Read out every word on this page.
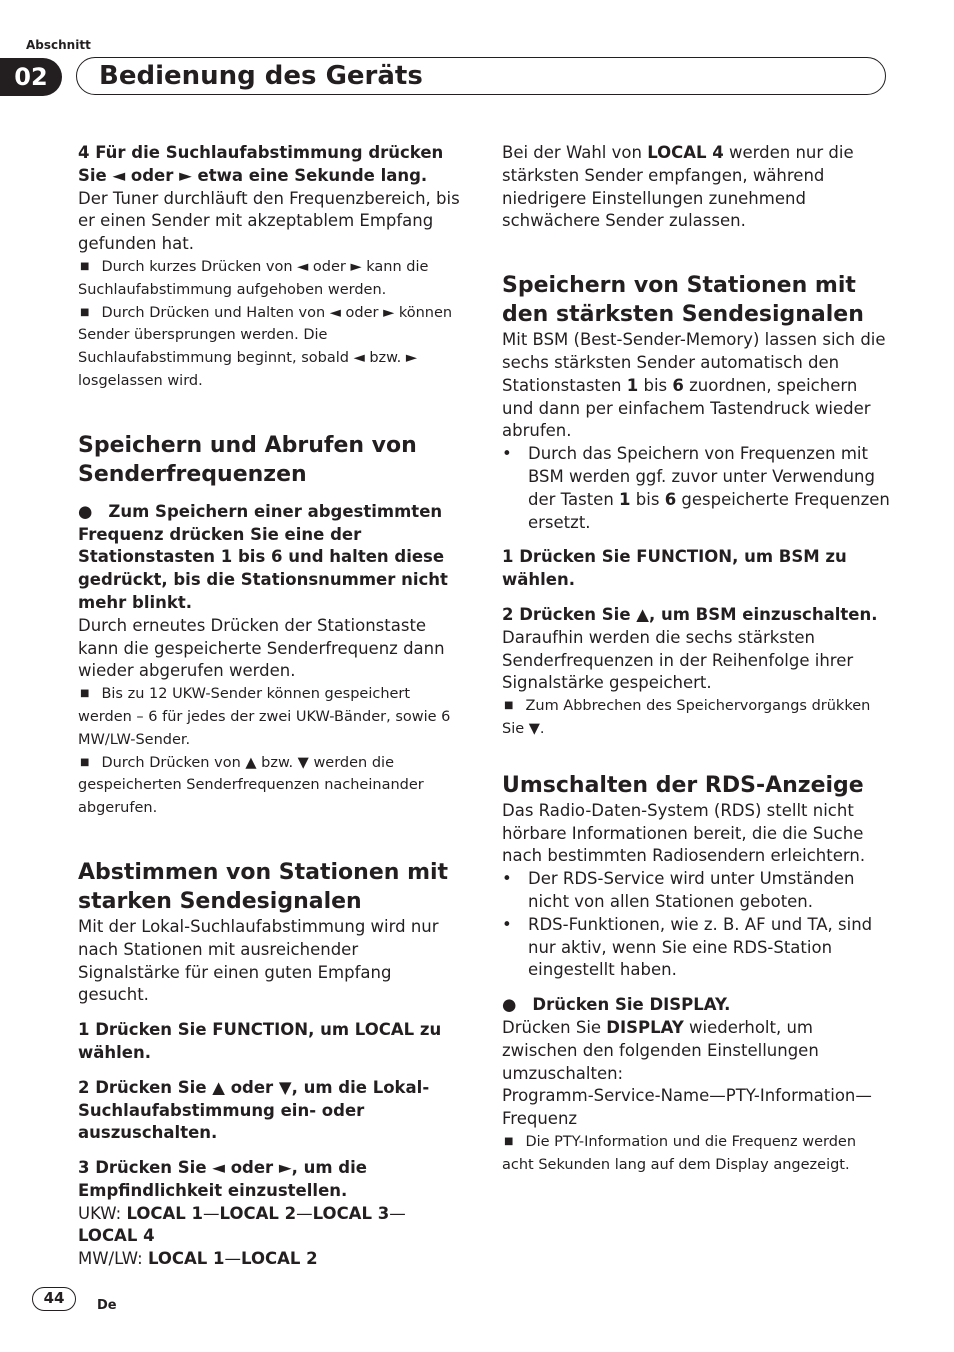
Abschnitt
02	Bedienung des Geräts

4 Für die Suchlaufabstimmung drücken Sie ◄ oder ► etwa eine Sekunde lang.

Der Tuner durchläuft den Frequenzbereich, bis er einen Sender mit akzeptablem Empfang gefunden hat.

■ Durch kurzes Drücken von ◄ oder ► kann die Suchlaufabstimmung aufgehoben werden.

■ Durch Drücken und Halten von ◄ oder ► können Sender übersprungen werden. Die Suchlaufabstimmung beginnt, sobald ◄ bzw. ► losgelassen wird.

Speichern und Abrufen von Senderfrequenzen

● Zum Speichern einer abgestimmten Frequenz drücken Sie eine der Stationstasten 1 bis 6 und halten diese gedrückt, bis die Stationsnummer nicht mehr blinkt.

Durch erneutes Drücken der Stationstaste kann die gespeicherte Senderfrequenz dann wieder abgerufen werden.

■ Bis zu 12 UKW-Sender können gespeichert werden – 6 für jedes der zwei UKW-Bänder, sowie 6 MW/LW-Sender.

■ Durch Drücken von ▲ bzw. ▼ werden die gespeicherten Senderfrequenzen nacheinander abgerufen.

Abstimmen von Stationen mit starken Sendesignalen

Mit der Lokal-Suchlaufabstimmung wird nur nach Stationen mit ausreichender Signalstärke für einen guten Empfang gesucht.

1 Drücken Sie FUNCTION, um LOCAL zu wählen.

2 Drücken Sie ▲ oder ▼, um die Lokal-Suchlaufabstimmung ein- oder auszuschalten.

3 Drücken Sie ◄ oder ►, um die Empfindlichkeit einzustellen.

UKW: LOCAL 1—LOCAL 2—LOCAL 3—
LOCAL 4

MW/LW: LOCAL 1—LOCAL 2

Bei der Wahl von LOCAL 4 werden nur die stärksten Sender empfangen, während niedrigere Einstellungen zunehmend schwächere Sender zulassen.

Speichern von Stationen mit den stärksten Sendesignalen

Mit BSM (Best-Sender-Memory) lassen sich die sechs stärksten Sender automatisch den Stationstasten 1 bis 6 zuordnen, speichern und dann per einfachem Tastendruck wieder abrufen.

• Durch das Speichern von Frequenzen mit BSM werden ggf. zuvor unter Verwendung der Tasten 1 bis 6 gespeicherte Frequenzen ersetzt.

1 Drücken Sie FUNCTION, um BSM zu wählen.

2 Drücken Sie ▲, um BSM einzuschalten.

Daraufhin werden die sechs stärksten Senderfrequenzen in der Reihenfolge ihrer Signalstärke gespeichert.

■ Zum Abbrechen des Speichervorgangs drükken Sie ▼.

Umschalten der RDS-Anzeige

Das Radio-Daten-System (RDS) stellt nicht hörbare Informationen bereit, die die Suche nach bestimmten Radiosendern erleichtern.

• Der RDS-Service wird unter Umständen nicht von allen Stationen geboten.
• RDS-Funktionen, wie z. B. AF und TA, sind nur aktiv, wenn Sie eine RDS-Station eingestellt haben.

● Drücken Sie DISPLAY.

Drücken Sie DISPLAY wiederholt, um zwischen den folgenden Einstellungen umzuschalten:

Programm-Service-Name—PTY-Information—Frequenz

■ Die PTY-Information und die Frequenz werden acht Sekunden lang auf dem Display angezeigt.

44	De
